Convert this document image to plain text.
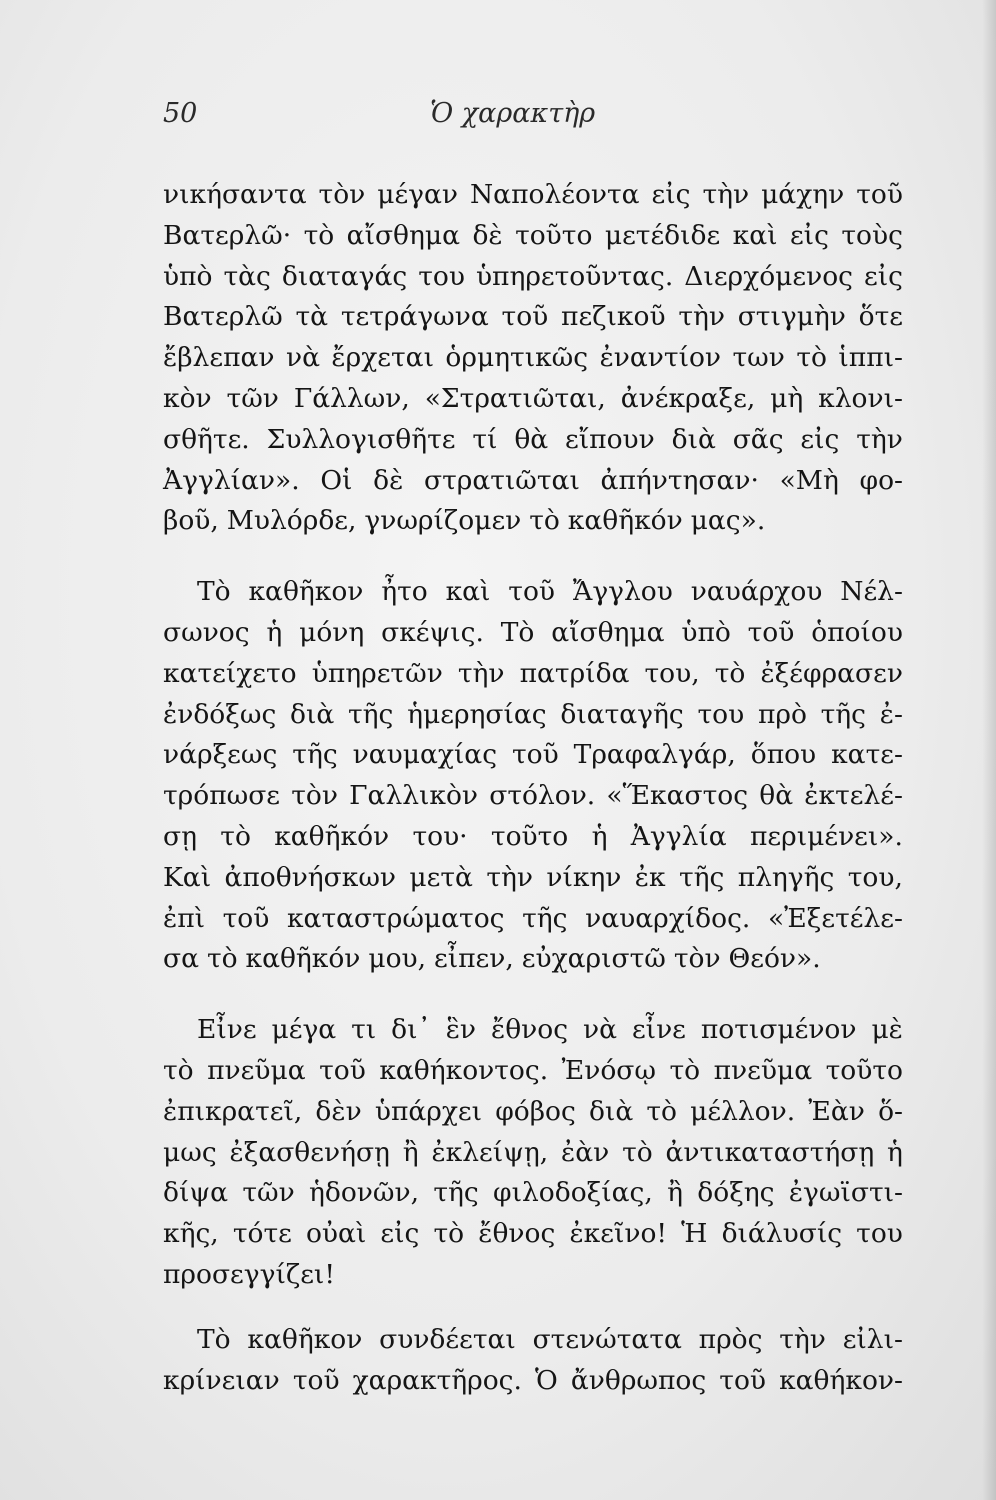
50	Ὁ χαρακτὴρ
νικήσαντα τὸν μέγαν Ναπολέοντα εἰς τὴν μάχην τοῦ
Βατερλῶ· τὸ αἴσθημα δὲ τοῦτο μετέδιδε καὶ εἰς τοὺς
ὑπὸ τὰς διαταγάς του ὑπηρετοῦντας. Διερχόμενος εἰς
Βατερλῶ τὰ τετράγωνα τοῦ πεζικοῦ τὴν στιγμὴν ὅτε
ἔβλεπαν νὰ ἔρχεται ὁρμητικῶς ἐναντίον των τὸ ἱππι-
κὸν τῶν Γάλλων, «Στρατιῶται, ἀνέκραξε, μὴ κλονι-
σθῆτε. Συλλογισθῆτε τί θὰ εἴπουν διὰ σᾶς εἰς τὴν
Ἀγγλίαν». Οἱ δὲ στρατιῶται ἀπήντησαν· «Μὴ φο-
βοῦ, Μυλόρδε, γνωρίζομεν τὸ καθῆκόν μας».
Τὸ καθῆκον ἦτο καὶ τοῦ Ἄγγλου ναυάρχου Νέλ-
σωνος ἡ μόνη σκέψις. Τὸ αἴσθημα ὑπὸ τοῦ ὁποίου
κατείχετο ὑπηρετῶν τὴν πατρίδα του, τὸ ἐξέφρασεν
ἐνδόξως διὰ τῆς ἡμερησίας διαταγῆς του πρὸ τῆς ἐ-
νάρξεως τῆς ναυμαχίας τοῦ Τραφαλγάρ, ὅπου κατε-
τρόπωσε τὸν Γαλλικὸν στόλον. «Ἕκαστος θὰ ἐκτελέ-
σῃ τὸ καθῆκόν του· τοῦτο ἡ Ἀγγλία περιμένει».
Καὶ ἀποθνήσκων μετὰ τὴν νίκην ἐκ τῆς πληγῆς του,
ἐπὶ τοῦ καταστρώματος τῆς ναυαρχίδος. «Ἐξετέλε-
σα τὸ καθῆκόν μου, εἶπεν, εὐχαριστῶ τὸν Θεόν».
Εἶνε μέγα τι δι᾽ ἓν ἔθνος νὰ εἶνε ποτισμένον μὲ
τὸ πνεῦμα τοῦ καθήκοντος. Ἐνόσῳ τὸ πνεῦμα τοῦτο
ἐπικρατεῖ, δὲν ὑπάρχει φόβος διὰ τὸ μέλλον. Ἐὰν ὅ-
μως ἐξασθενήσῃ ἢ ἐκλείψῃ, ἐὰν τὸ ἀντικαταστήσῃ ἡ
δίψα τῶν ἡδονῶν, τῆς φιλοδοξίας, ἢ δόξης ἐγωϊστι-
κῆς, τότε οὐαὶ εἰς τὸ ἔθνος ἐκεῖνο! Ἡ διάλυσίς του
προσεγγίζει!
Τὸ καθῆκον συνδέεται στενώτατα πρὸς τὴν εἰλι-
κρίνειαν τοῦ χαρακτῆρος. Ὁ ἄνθρωπος τοῦ καθήκον-
